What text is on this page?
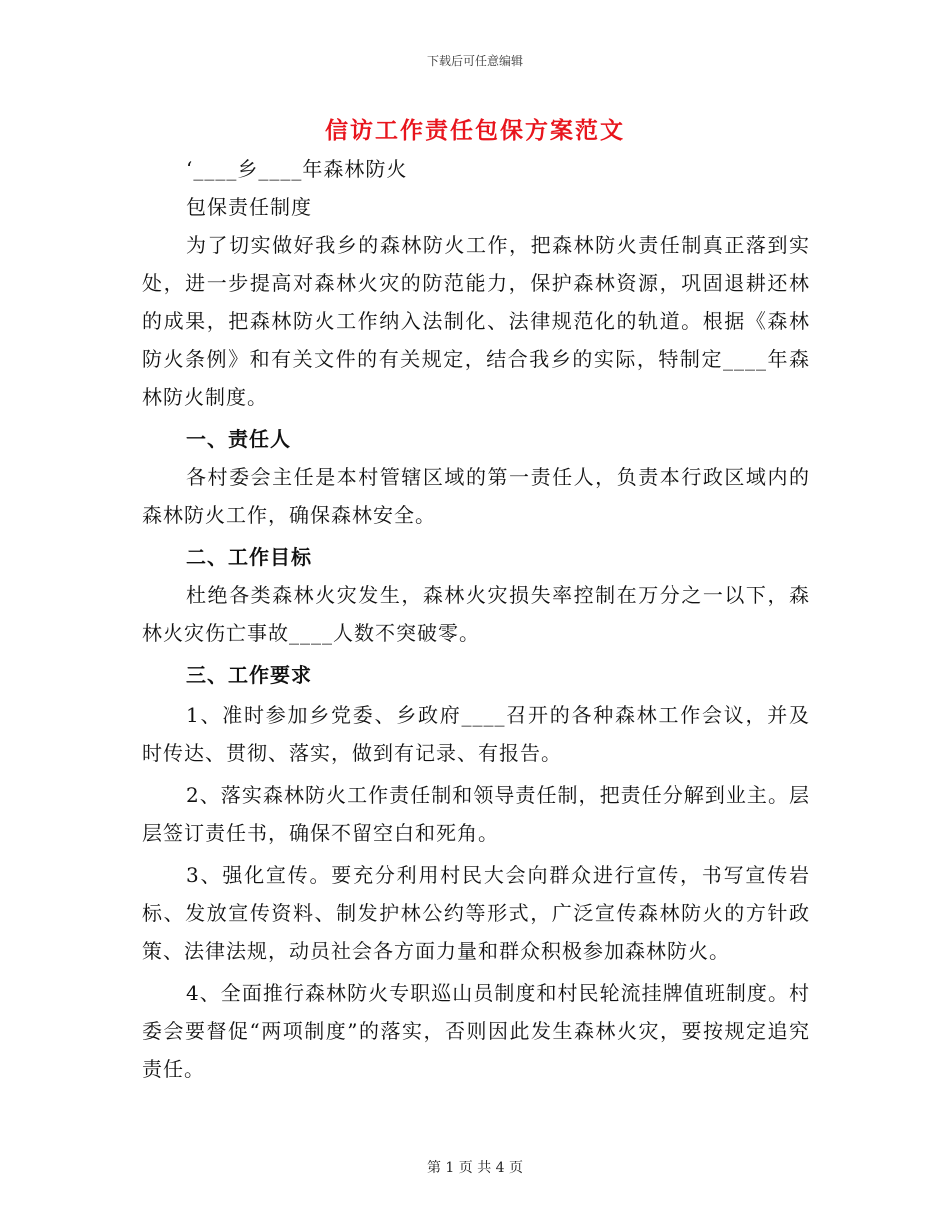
下载后可任意编辑
信访工作责任包保方案范文

‘____乡____年森林防火

包保责任制度

为了切实做好我乡的森林防火工作，把森林防火责任制真正落到实处，进一步提高对森林火灾的防范能力，保护森林资源，巩固退耕还林的成果，把森林防火工作纳入法制化、法律规范化的轨道。根据《森林防火条例》和有关文件的有关规定，结合我乡的实际，特制定____年森林防火制度。

一、责任人

各村委会主任是本村管辖区域的第一责任人，负责本行政区域内的森林防火工作，确保森林安全。

二、工作目标

杜绝各类森林火灾发生，森林火灾损失率控制在万分之一以下，森林火灾伤亡事故____人数不突破零。

三、工作要求

1、准时参加乡党委、乡政府____召开的各种森林工作会议，并及时传达、贯彻、落实，做到有记录、有报告。

2、落实森林防火工作责任制和领导责任制，把责任分解到业主。层层签订责任书，确保不留空白和死角。

3、强化宣传。要充分利用村民大会向群众进行宣传，书写宣传岩标、发放宣传资料、制发护林公约等形式，广泛宣传森林防火的方针政策、法律法规，动员社会各方面力量和群众积极参加森林防火。

4、全面推行森林防火专职巡山员制度和村民轮流挂牌值班制度。村委会要督促“两项制度”的落实，否则因此发生森林火灾，要按规定追究责任。

第 1 页 共 4 页
